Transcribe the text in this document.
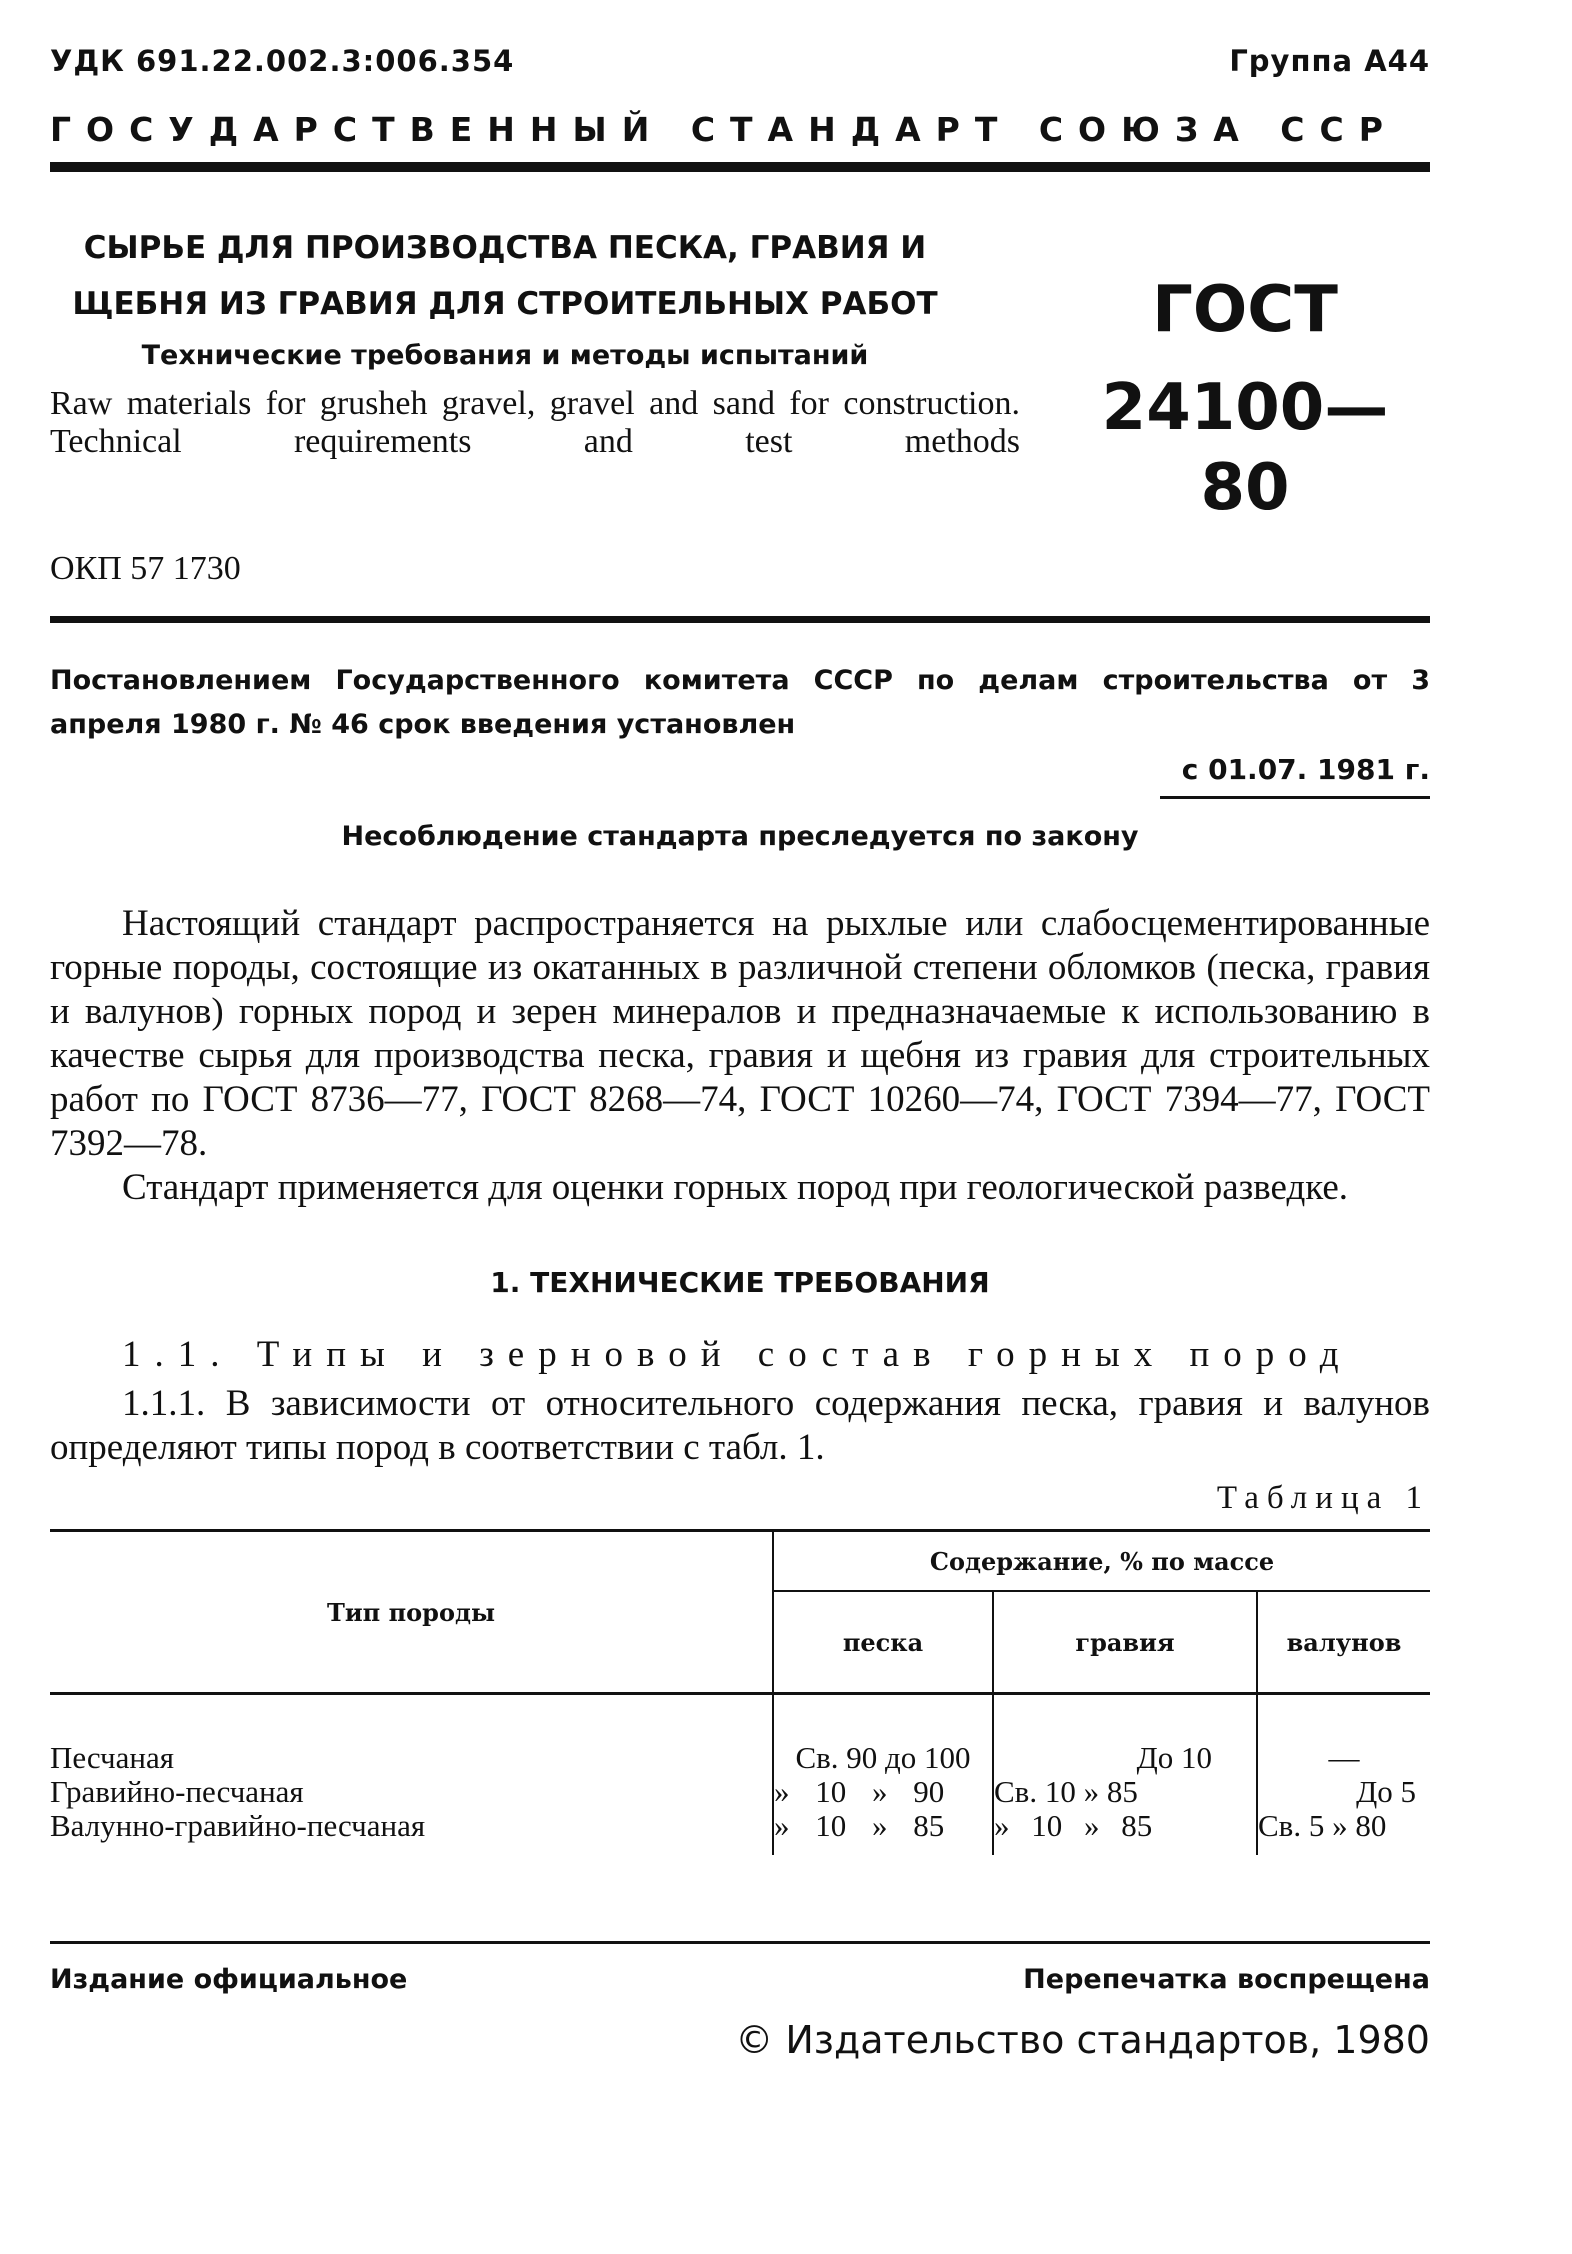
УДК 691.22.002.3:006.354	Группа А44
ГОСУДАРСТВЕННЫЙ СТАНДАРТ СОЮЗА ССР
СЫРЬЕ ДЛЯ ПРОИЗВОДСТВА ПЕСКА, ГРАВИЯ И
ЩЕБНЯ ИЗ ГРАВИЯ ДЛЯ СТРОИТЕЛЬНЫХ РАБОТ
Технические требования и методы испытаний
Raw materials for grusheh gravel, gravel and sand for construction. Technical requirements and test methods
ГОСТ
24100—80
ОКП 57 1730
Постановлением Государственного комитета СССР по делам строительства от 3 апреля 1980 г. № 46 срок введения установлен
с 01.07. 1981 г.
Несоблюдение стандарта преследуется по закону

Настоящий стандарт распространяется на рыхлые или слабосцементированные горные породы, состоящие из окатанных в различной степени обломков (песка, гравия и валунов) горных пород и зерен минералов и предназначаемые к использованию в качестве сырья для производства песка, гравия и щебня из гравия для строительных работ по ГОСТ 8736—77, ГОСТ 8268—74, ГОСТ 10260—74, ГОСТ 7394—77, ГОСТ 7392—78.

Стандарт применяется для оценки горных пород при геологической разведке.

1. ТЕХНИЧЕСКИЕ ТРЕБОВАНИЯ
1.1. Типы и зерновой состав горных пород
1.1.1. В зависимости от относительного содержания песка, гравия и валунов определяют типы пород в соответствии с табл. 1.
Таблица 1
Тип породы	Содержание, % по массе		
	песка	гравия	валунов
Песчаная	Св. 90 до 100	До 10	—
Гравийно-песчаная	» 10 » 90	Св. 10 » 85	До 5
Валунно-гравийно-песчаная	» 10 » 85	» 10 » 85	Св. 5 » 80
Издание официальное	Перепечатка воспрещена
© Издательство стандартов, 1980
